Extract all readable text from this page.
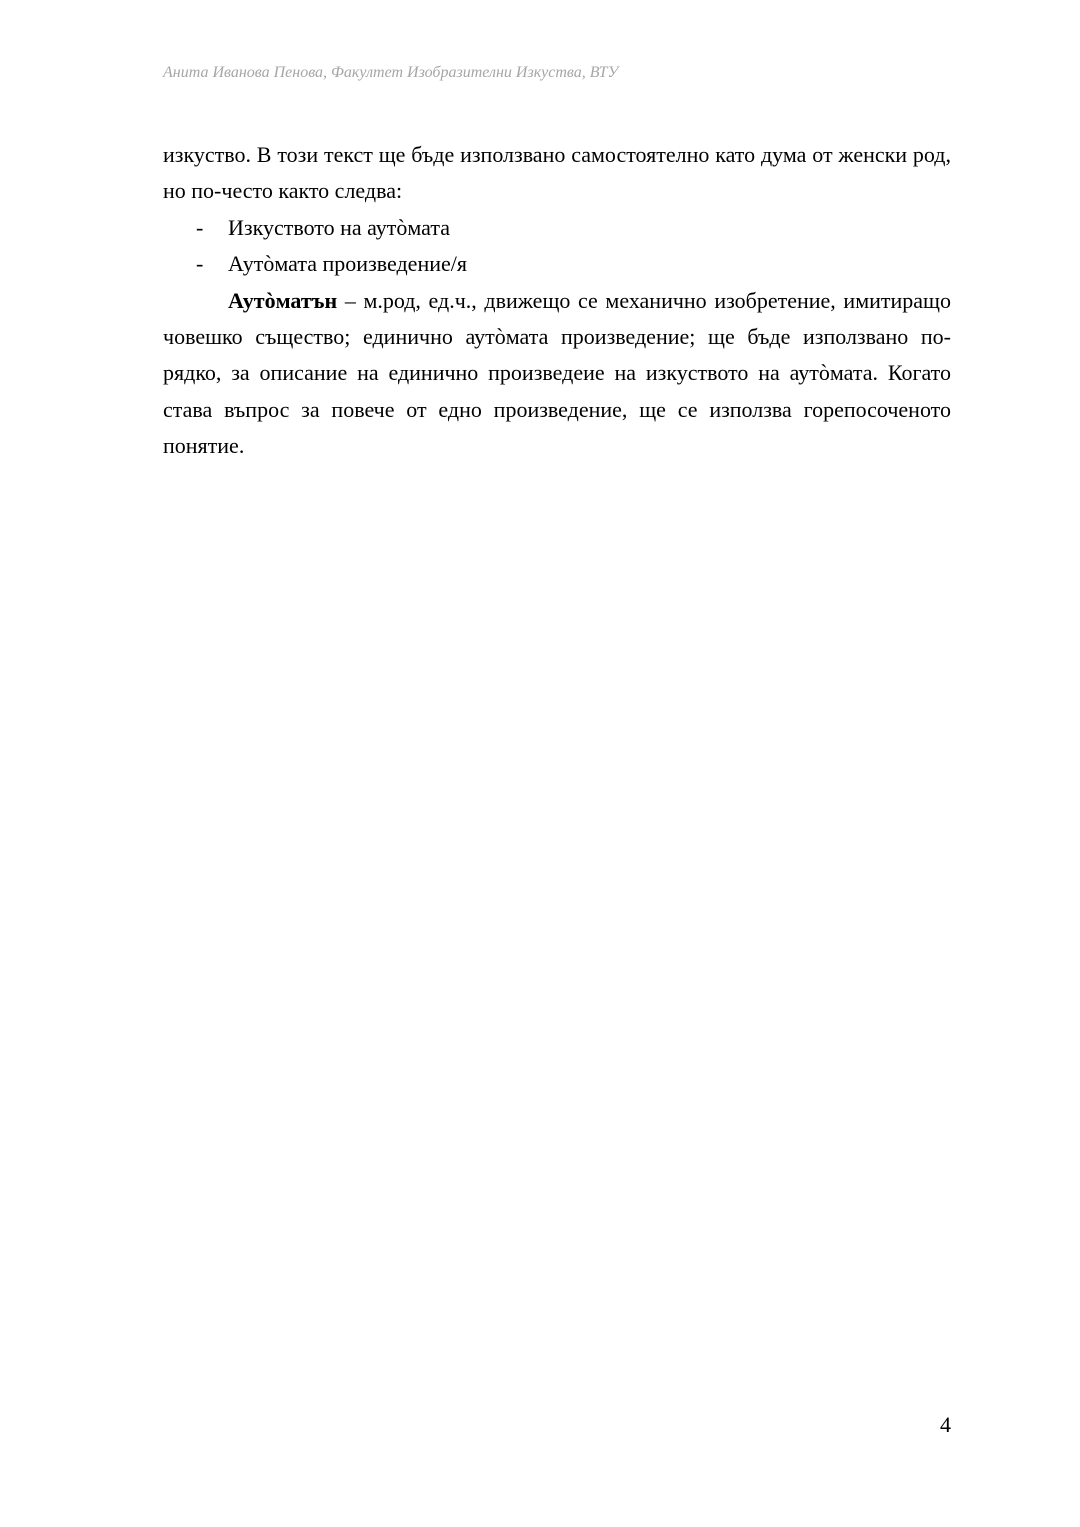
Анита Иванова Пенова, Факултет Изобразителни Изкуства, ВТУ

изкуство. В този текст ще бъде използвано самостоятелно като дума от женски род, но по-често както следва:

- Изкуството на аутòмата
- Аутòмата произведение/я

Аутòматън – м.род, ед.ч., движещо се механично изобретение, имитиращо човешко същество; единично аутòмата произведение; ще бъде използвано по-рядко, за описание на единично произведеие на изкуството на аутòмата. Когато става въпрос за повече от едно произведение, ще се използва горепосоченото понятие.

4
